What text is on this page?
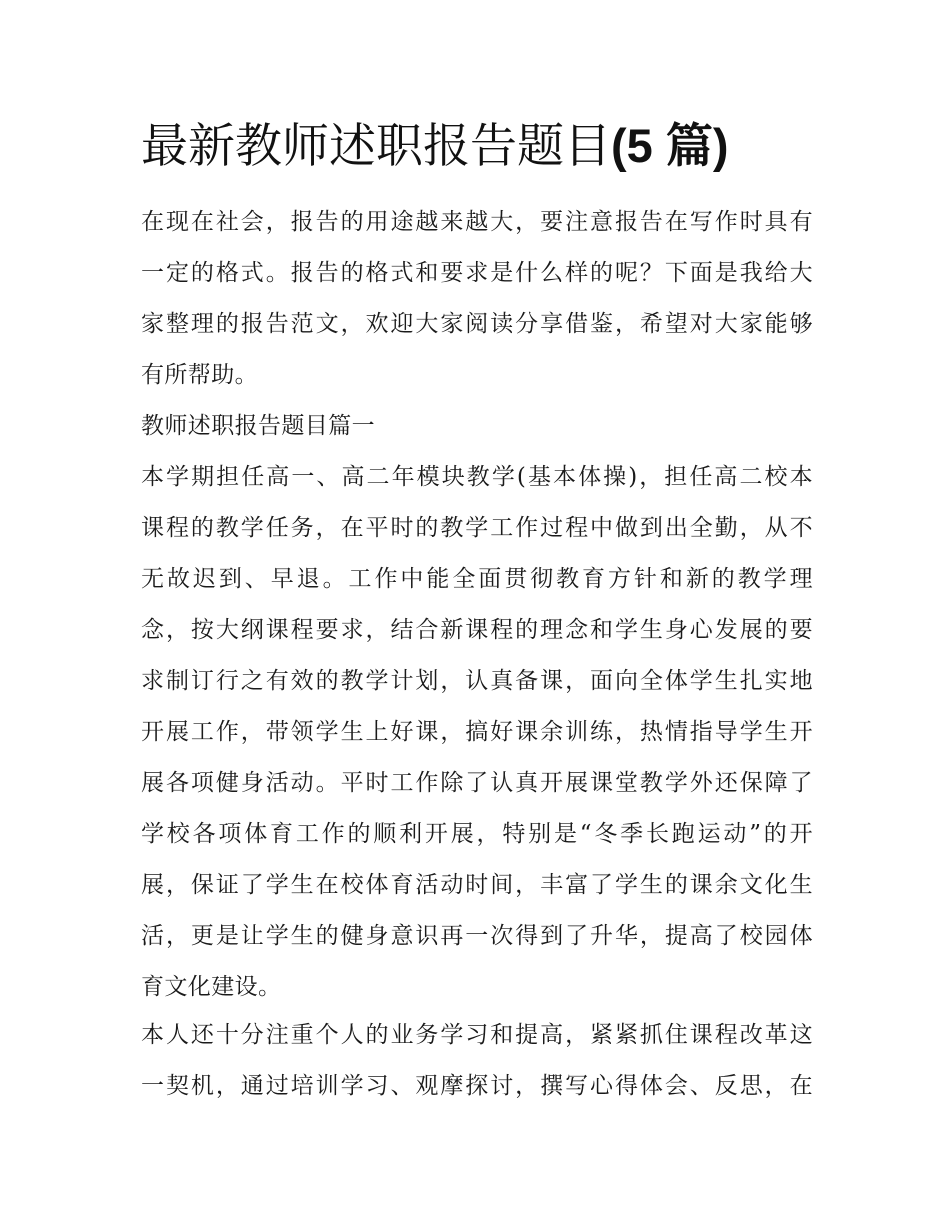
最新教师述职报告题目(5 篇)
在现在社会，报告的用途越来越大，要注意报告在写作时具有
一定的格式。报告的格式和要求是什么样的呢？下面是我给大
家整理的报告范文，欢迎大家阅读分享借鉴，希望对大家能够
有所帮助。
教师述职报告题目篇一
本学期担任高一、高二年模块教学(基本体操)，担任高二校本
课程的教学任务，在平时的教学工作过程中做到出全勤，从不
无故迟到、早退。工作中能全面贯彻教育方针和新的教学理
念，按大纲课程要求，结合新课程的理念和学生身心发展的要
求制订行之有效的教学计划，认真备课，面向全体学生扎实地
开展工作，带领学生上好课，搞好课余训练，热情指导学生开
展各项健身活动。平时工作除了认真开展课堂教学外还保障了
学校各项体育工作的顺利开展，特别是“冬季长跑运动”的开
展，保证了学生在校体育活动时间，丰富了学生的课余文化生
活，更是让学生的健身意识再一次得到了升华，提高了校园体
育文化建设。
本人还十分注重个人的业务学习和提高，紧紧抓住课程改革这
一契机，通过培训学习、观摩探讨，撰写心得体会、反思，在
